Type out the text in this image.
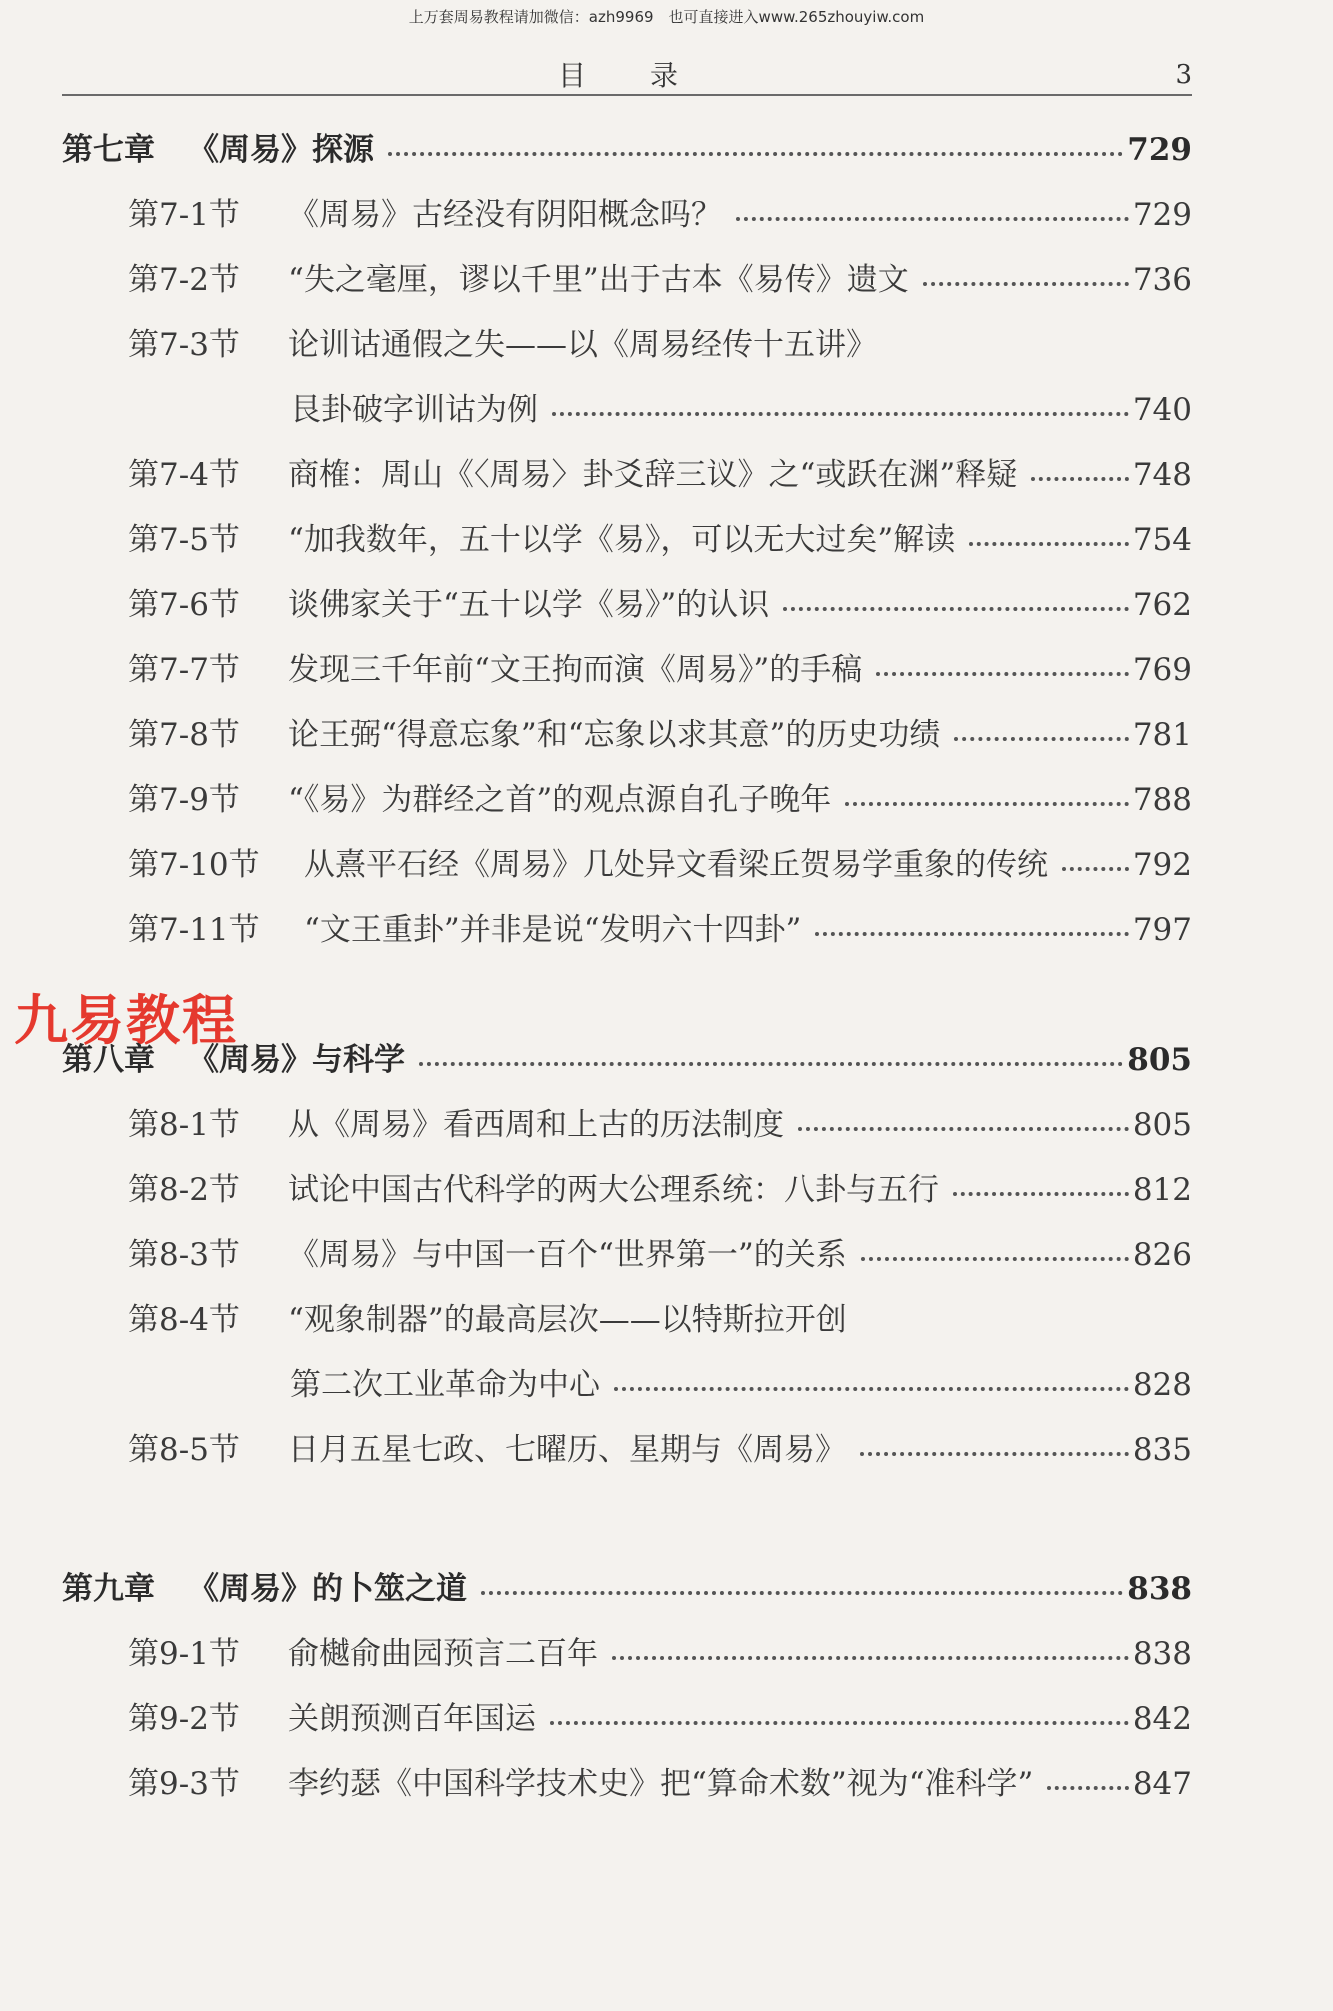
上万套周易教程请加微信：azh9969　也可直接进入www.265zhouyiw.com
目　录	3
第七章	《周易》探源	729
第7-1节	《周易》古经没有阴阳概念吗？	729
第7-2节	“失之毫厘，谬以千里”出于古本《易传》遗文	736
第7-3节	论训诂通假之失——以《周易经传十五讲》
艮卦破字训诂为例	740
第7-4节	商榷：周山《〈周易〉卦爻辞三议》之“或跃在渊”释疑	748
第7-5节	“加我数年，五十以学《易》，可以无大过矣”解读	754
第7-6节	谈佛家关于“五十以学《易》”的认识	762
第7-7节	发现三千年前“文王拘而演《周易》”的手稿	769
第7-8节	论王弼“得意忘象”和“忘象以求其意”的历史功绩	781
第7-9节	“《易》为群经之首”的观点源自孔子晚年	788
第7-10节	从熹平石经《周易》几处异文看梁丘贺易学重象的传统	792
第7-11节	“文王重卦”并非是说“发明六十四卦”	797
九易教程
第八章	《周易》与科学	805
第8-1节	从《周易》看西周和上古的历法制度	805
第8-2节	试论中国古代科学的两大公理系统：八卦与五行	812
第8-3节	《周易》与中国一百个“世界第一”的关系	826
第8-4节	“观象制器”的最高层次——以特斯拉开创
第二次工业革命为中心	828
第8-5节	日月五星七政、七曜历、星期与《周易》	835
第九章	《周易》的卜筮之道	838
第9-1节	俞樾俞曲园预言二百年	838
第9-2节	关朗预测百年国运	842
第9-3节	李约瑟《中国科学技术史》把“算命术数”视为“准科学”	847
